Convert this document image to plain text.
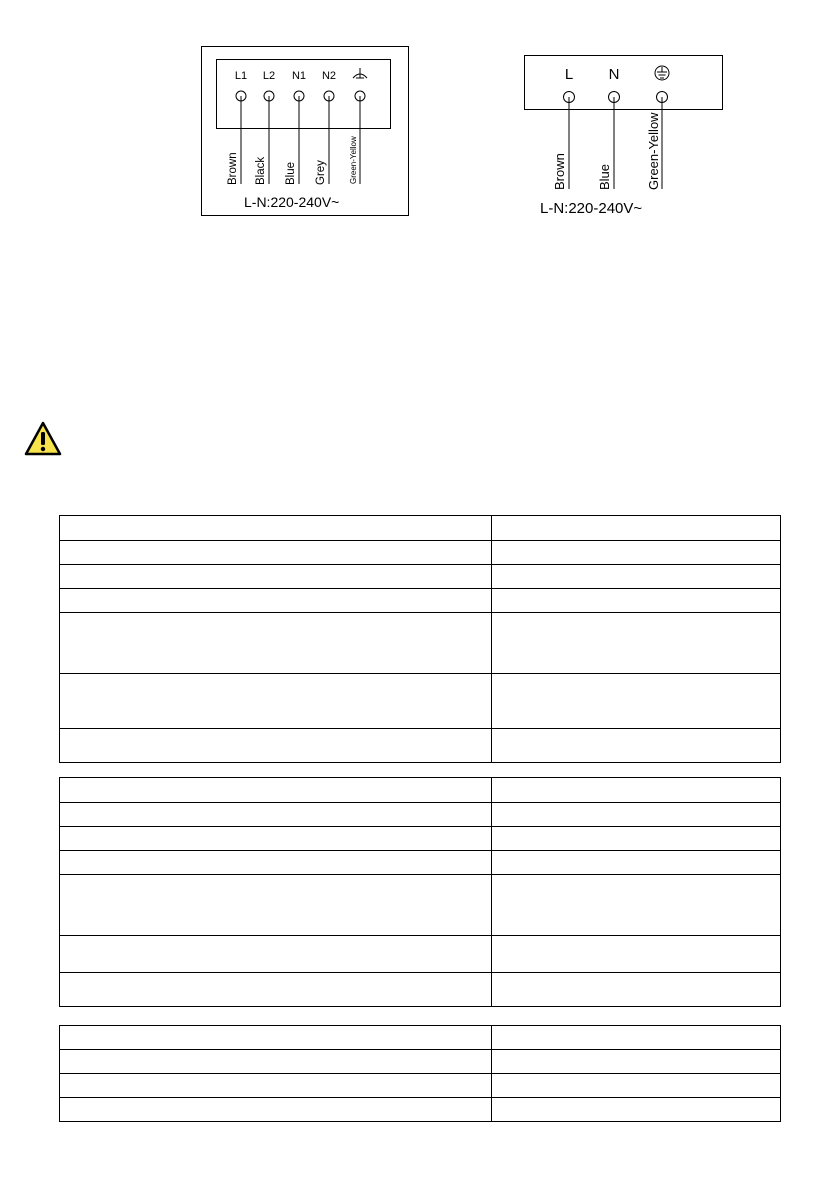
L1 L2 N1 N2
Brown Black Blue Grey	Green-Yellow
L-N:220-240V~
L N
Brown Blue	Green-Yellow
L-N:220-240V~
